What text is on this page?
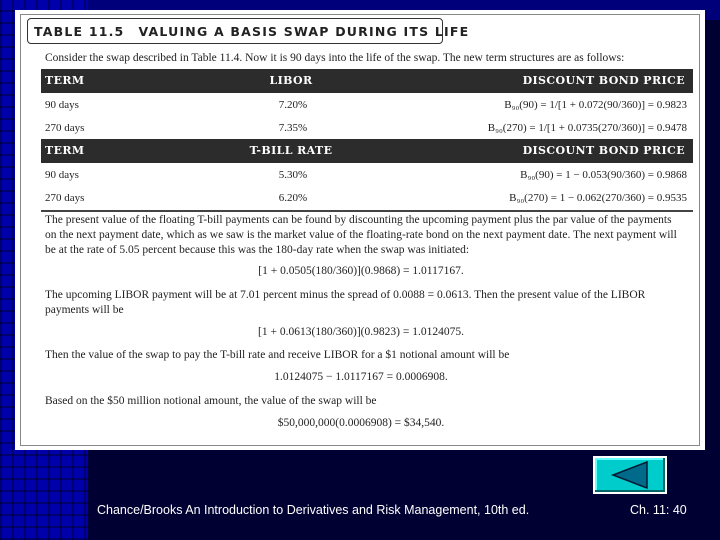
TABLE 11.5 VALUING A BASIS SWAP DURING ITS LIFE
Consider the swap described in Table 11.4. Now it is 90 days into the life of the swap. The new term structures are as follows:
TERM	LIBOR	DISCOUNT BOND PRICE
90 days	7.20%	B₉₀(90) = 1/[1 + 0.072(90/360)] = 0.9823
270 days	7.35%	B₉₀(270) = 1/[1 + 0.0735(270/360)] = 0.9478
TERM	T-BILL RATE	DISCOUNT BOND PRICE
90 days	5.30%	B₉₀(90) = 1 − 0.053(90/360) = 0.9868
270 days	6.20%	B₉₀(270) = 1 − 0.062(270/360) = 0.9535
The present value of the floating T-bill payments can be found by discounting the upcoming payment plus the par value of the payments on the next payment date, which as we saw is the market value of the floating-rate bond on the next payment date. The next payment will be at the rate of 5.05 percent because this was the 180-day rate when the swap was initiated:
[1 + 0.0505(180/360)](0.9868) = 1.0117167.
The upcoming LIBOR payment will be at 7.01 percent minus the spread of 0.0088 = 0.0613. Then the present value of the LIBOR payments will be
[1 + 0.0613(180/360)](0.9823) = 1.0124075.
Then the value of the swap to pay the T-bill rate and receive LIBOR for a $1 notional amount will be
1.0124075 − 1.0117167 = 0.0006908.
Based on the $50 million notional amount, the value of the swap will be
$50,000,000(0.0006908) = $34,540.
Chance/Brooks An Introduction to Derivatives and Risk Management, 10th ed.	Ch. 11: 40
